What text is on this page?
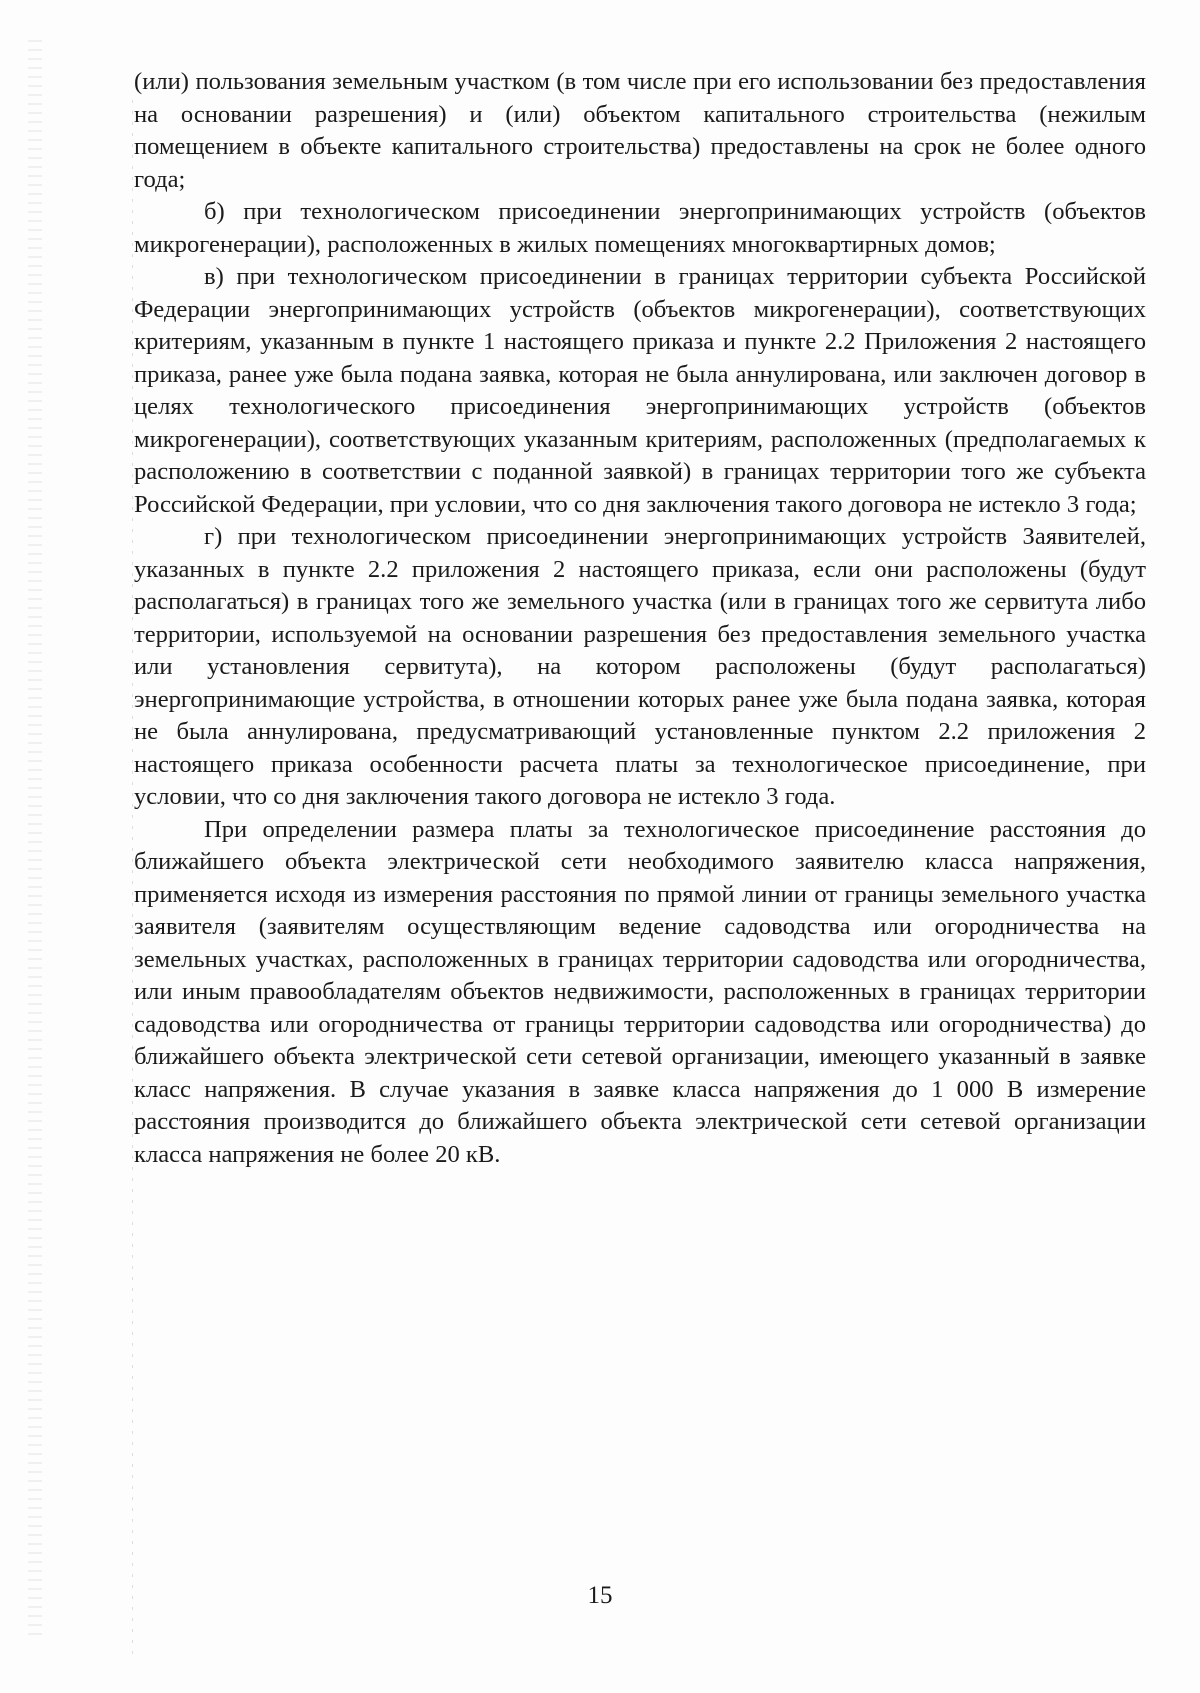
(или) пользования земельным участком (в том числе при его использовании без предоставления на основании разрешения) и (или) объектом капитального строительства (нежилым помещением в объекте капитального строительства) предоставлены на срок не более одного года;

б) при технологическом присоединении энергопринимающих устройств (объектов микрогенерации), расположенных в жилых помещениях многоквартирных домов;

в) при технологическом присоединении в границах территории субъекта Российской Федерации энергопринимающих устройств (объектов микрогенерации), соответствующих критериям, указанным в пункте 1 настоящего приказа и пункте 2.2 Приложения 2 настоящего приказа, ранее уже была подана заявка, которая не была аннулирована, или заключен договор в целях технологического присоединения энергопринимающих устройств (объектов микрогенерации), соответствующих указанным критериям, расположенных (предполагаемых к расположению в соответствии с поданной заявкой) в границах территории того же субъекта Российской Федерации, при условии, что со дня заключения такого договора не истекло 3 года;

г) при технологическом присоединении энергопринимающих устройств Заявителей, указанных в пункте 2.2 приложения 2 настоящего приказа, если они расположены (будут располагаться) в границах того же земельного участка (или в границах того же сервитута либо территории, используемой на основании разрешения без предоставления земельного участка или установления сервитута), на котором расположены (будут располагаться) энергопринимающие устройства, в отношении которых ранее уже была подана заявка, которая не была аннулирована, предусматривающий установленные пунктом 2.2 приложения 2 настоящего приказа особенности расчета платы за технологическое присоединение, при условии, что со дня заключения такого договора не истекло 3 года.

При определении размера платы за технологическое присоединение расстояния до ближайшего объекта электрической сети необходимого заявителю класса напряжения, применяется исходя из измерения расстояния по прямой линии от границы земельного участка заявителя (заявителям осуществляющим ведение садоводства или огородничества на земельных участках, расположенных в границах территории садоводства или огородничества, или иным правообладателям объектов недвижимости, расположенных в границах территории садоводства или огородничества от границы территории садоводства или огородничества) до ближайшего объекта электрической сети сетевой организации, имеющего указанный в заявке класс напряжения. В случае указания в заявке класса напряжения до 1 000 В измерение расстояния производится до ближайшего объекта электрической сети сетевой организации класса напряжения не более 20 кВ.

15
